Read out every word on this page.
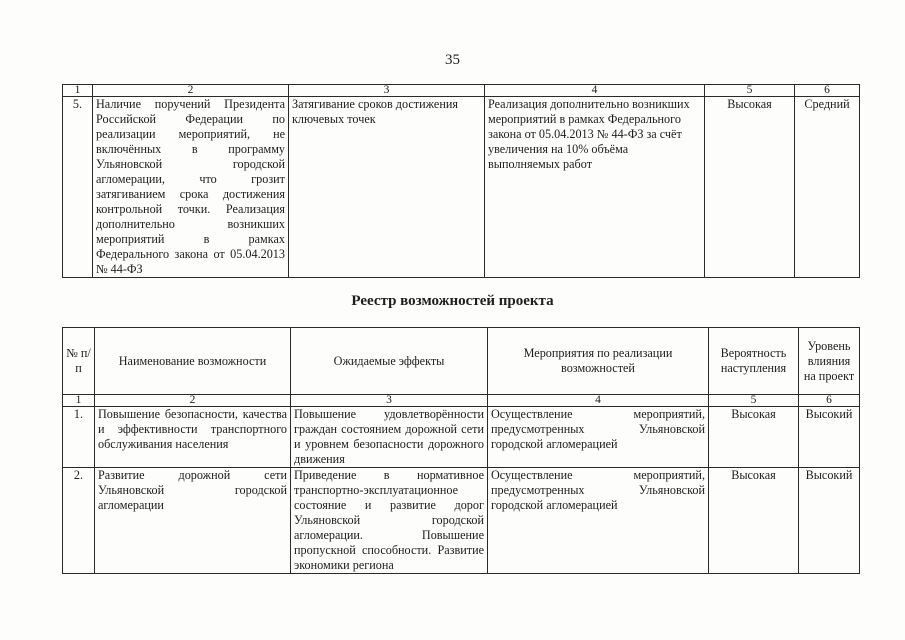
35
1	2	3	4	5	6
5.	Наличие поручений Президента Российской Федерации по реализации мероприятий, не включённых в программу Ульяновской городской агломерации, что грозит затягиванием срока достижения контрольной точки. Реализация дополнительно возникших мероприятий в рамках Федерального закона от 05.04.2013 № 44-ФЗ	Затягивание сроков достижения ключевых точек	Реализация дополнительно возникших мероприятий в рамках Федерального закона от 05.04.2013 № 44-ФЗ за счёт увеличения на 10% объёма выполняемых работ	Высокая	Средний
Реестр возможностей проекта
№ п/п	Наименование возможности	Ожидаемые эффекты	Мероприятия по реализации возможностей	Вероятность наступления	Уровень влияния на проект
1	2	3	4	5	6
1.	Повышение безопасности, качества и эффективности транспортного обслуживания населения	Повышение удовлетворённости граждан состоянием дорожной сети и уровнем безопасности дорожного движения	Осуществление мероприятий, предусмотренных Ульяновской городской агломерацией	Высокая	Высокий
2.	Развитие дорожной сети Ульяновской городской агломерации	Приведение в нормативное транспортно-эксплуатационное состояние и развитие дорог Ульяновской городской агломерации. Повышение пропускной способности. Развитие экономики региона	Осуществление мероприятий, предусмотренных Ульяновской городской агломерацией	Высокая	Высокий
